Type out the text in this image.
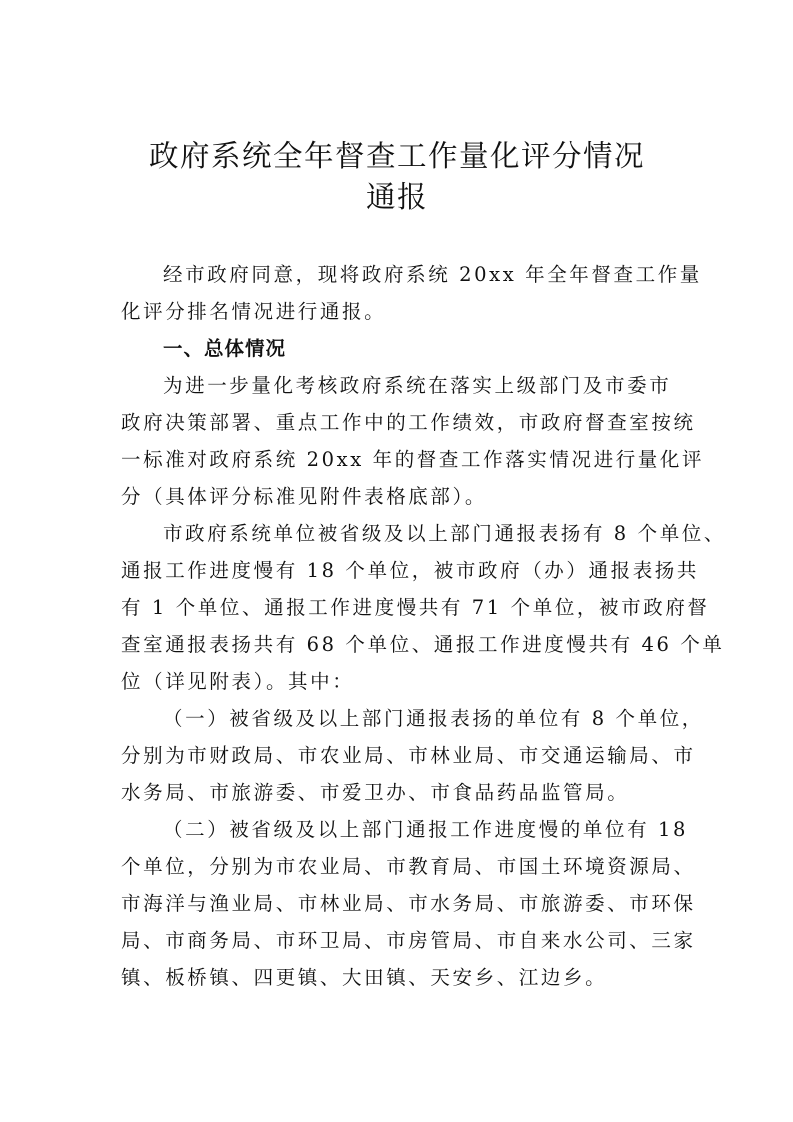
政府系统全年督查工作量化评分情况
通报
经市政府同意，现将政府系统 20xx 年全年督查工作量
化评分排名情况进行通报。
一、总体情况
为进一步量化考核政府系统在落实上级部门及市委市
政府决策部署、重点工作中的工作绩效，市政府督查室按统
一标准对政府系统 20xx 年的督查工作落实情况进行量化评
分（具体评分标准见附件表格底部）。
市政府系统单位被省级及以上部门通报表扬有 8 个单位、
通报工作进度慢有 18 个单位，被市政府（办）通报表扬共
有 1 个单位、通报工作进度慢共有 71 个单位，被市政府督
查室通报表扬共有 68 个单位、通报工作进度慢共有 46 个单
位（详见附表）。其中：
（一）被省级及以上部门通报表扬的单位有 8 个单位，
分别为市财政局、市农业局、市林业局、市交通运输局、市
水务局、市旅游委、市爱卫办、市食品药品监管局。
（二）被省级及以上部门通报工作进度慢的单位有 18
个单位，分别为市农业局、市教育局、市国土环境资源局、
市海洋与渔业局、市林业局、市水务局、市旅游委、市环保
局、市商务局、市环卫局、市房管局、市自来水公司、三家
镇、板桥镇、四更镇、大田镇、天安乡、江边乡。
